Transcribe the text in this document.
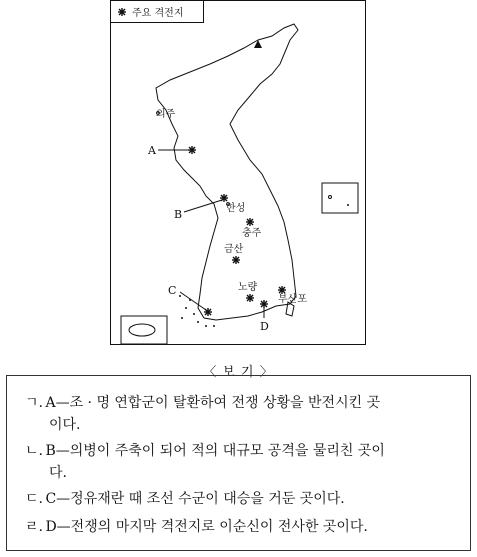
주요 격전지
의주
A
B	한성
충주
금산
C	노량
D
부산포
〈 보 기 〉
ㄱ. A—조 · 명 연합군이 탈환하여 전쟁 상황을 반전시킨 곳
이다.
ㄴ. B—의병이 주축이 되어 적의 대규모 공격을 물리친 곳이
다.
ㄷ. C—정유재란 때 조선 수군이 대승을 거둔 곳이다.
ㄹ. D—전쟁의 마지막 격전지로 이순신이 전사한 곳이다.
